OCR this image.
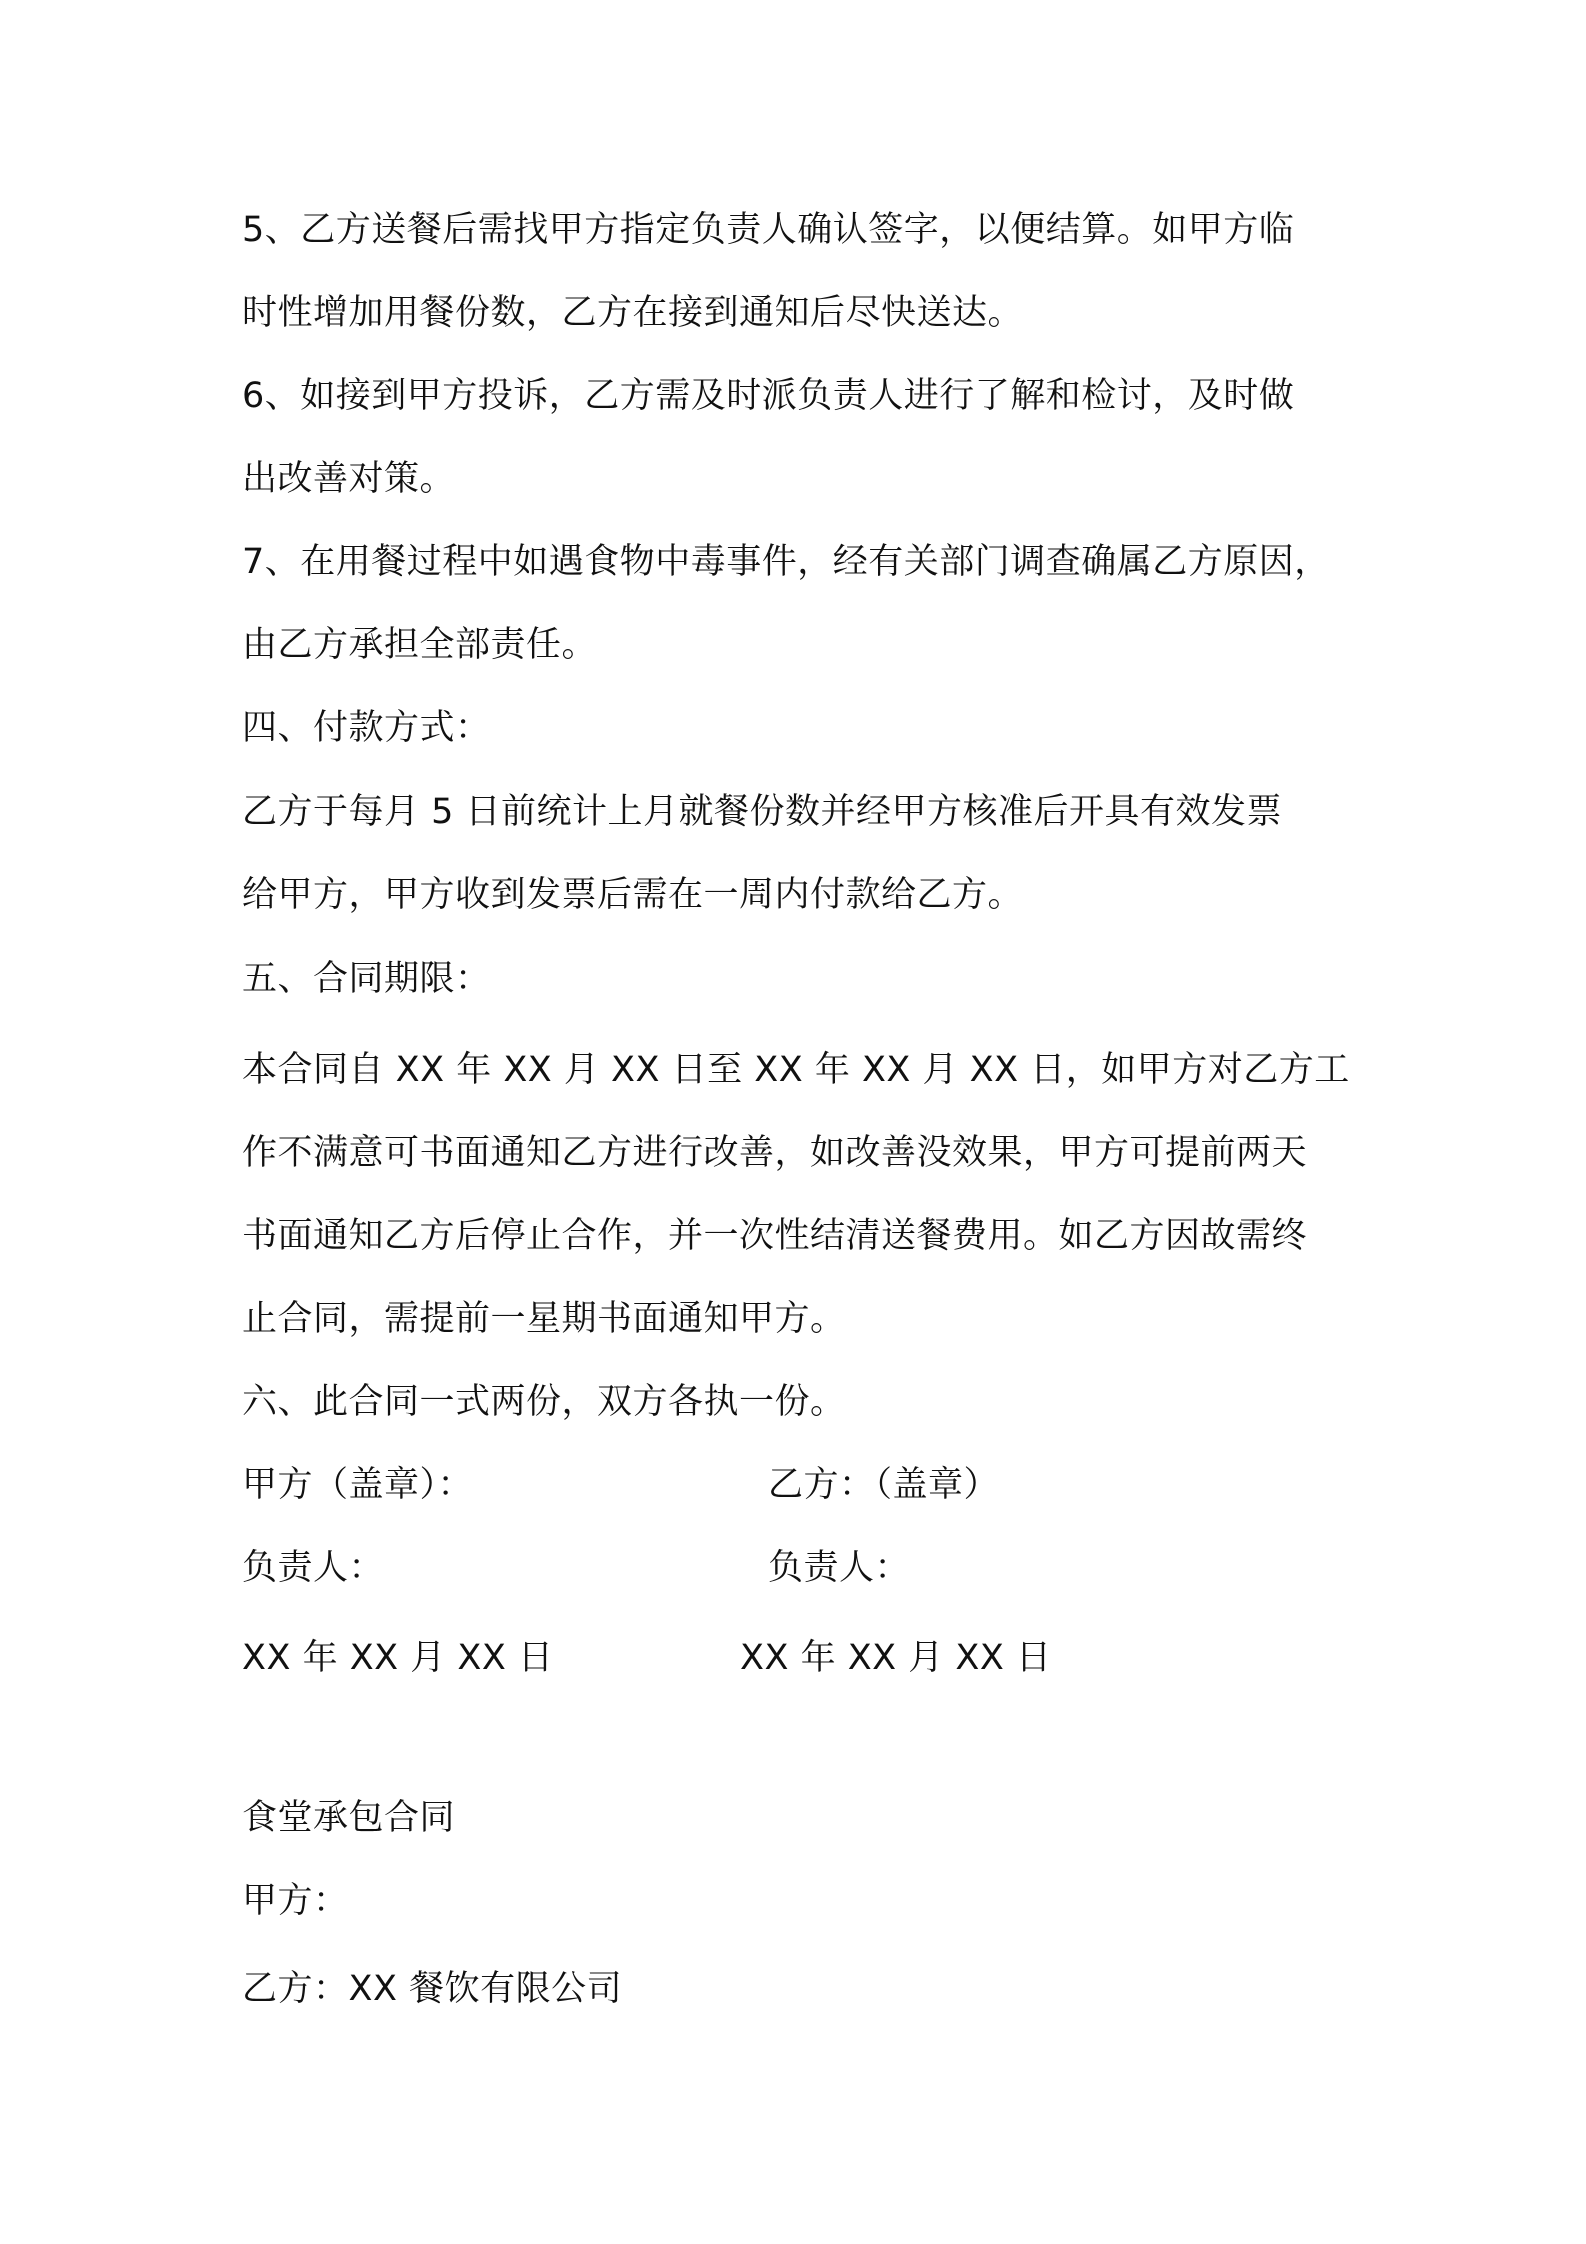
5、乙方送餐后需找甲方指定负责人确认签字，以便结算。如甲方临
时性增加用餐份数，乙方在接到通知后尽快送达。
6、如接到甲方投诉，乙方需及时派负责人进行了解和检讨，及时做
出改善对策。
7、在用餐过程中如遇食物中毒事件，经有关部门调查确属乙方原因，
由乙方承担全部责任。
四、付款方式：
乙方于每月 5 日前统计上月就餐份数并经甲方核准后开具有效发票
给甲方，甲方收到发票后需在一周内付款给乙方。
五、合同期限：
本合同自 XX 年 XX 月 XX 日至 XX 年 XX 月 XX 日，如甲方对乙方工
作不满意可书面通知乙方进行改善，如改善没效果，甲方可提前两天
书面通知乙方后停止合作，并一次性结清送餐费用。如乙方因故需终
止合同，需提前一星期书面通知甲方。
六、此合同一式两份，双方各执一份。
甲方（盖章）：	乙方：（盖章）
负责人：	负责人：
XX 年 XX 月 XX 日	XX 年 XX 月 XX 日
食堂承包合同
甲方：
乙方：XX 餐饮有限公司
